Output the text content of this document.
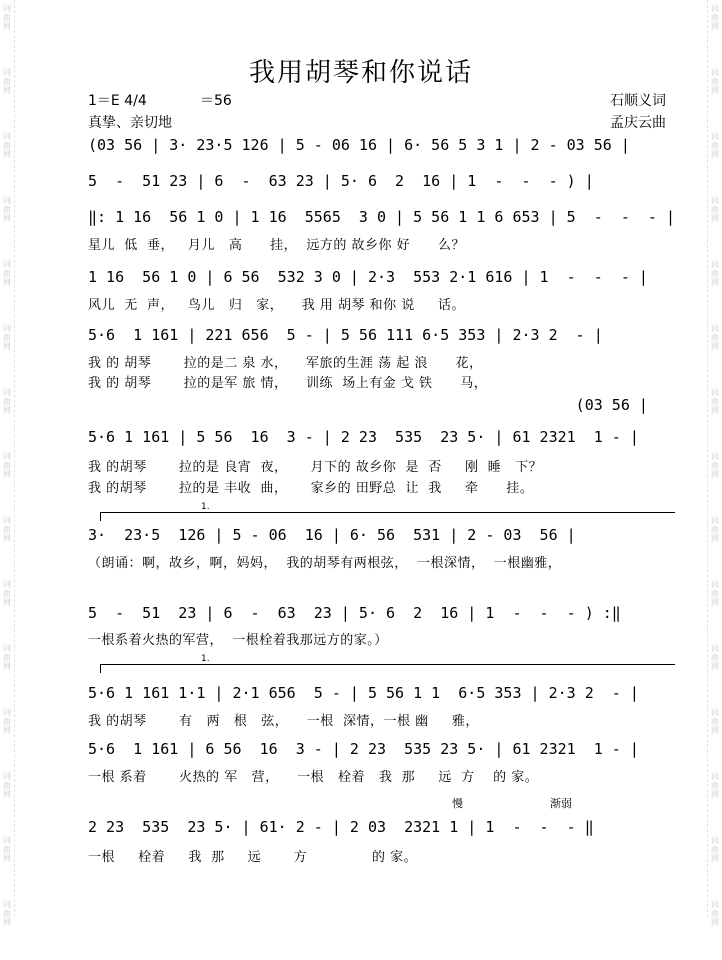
词曲网
词曲网
词曲网
词曲网
词曲网
词曲网
词曲网
词曲网
词曲网
词曲网
词曲网
词曲网
词曲网
词曲网
词曲网
词曲网
词曲网
词曲网
词曲网
词曲网
词曲网
词曲网
词曲网
词曲网
词曲网
词曲网
词曲网
词曲网
词曲网
词曲网
我用胡琴和你说话
1＝E 4/4	＝56
真挚、亲切地
石顺义词
孟庆云曲
1.
1.
慢	渐弱
(03 56 | 3· 23·5 126 | 5 - 06 16 | 6· 56 5 3 1 | 2 - 03 56 |
5  -  51 23 | 6  -  63 23 | 5· 6  2  16 | 1  -  -  - ) |
‖: 1 16  56 1 0 | 1 16  5565  3 0 | 5 56 1 1 6 653 | 5  -  -  - |
星儿  低  垂，   月儿   高      挂，  远方的 故乡你 好      么？
1 16  56 1 0 | 6 56  532 3 0 | 2·3  553 2·1 616 | 1  -  -  - |
风儿  无  声，   鸟儿   归   家，    我 用 胡琴 和你 说     话。
5·6  1 161 | 221 656  5 - | 5 56 111 6·5 353 | 2·3 2  - |
我 的 胡琴       拉的是二 泉 水，    军旅的生涯 荡 起 浪      花，
我 的 胡琴       拉的是军 旅 情，    训练  场上有金 戈 铁      马，
(03 56 |
5·6 1 161 | 5 56  16  3 - | 2 23  535  23 5· | 61 2321  1 - |
我 的胡琴       拉的是 良宵  夜，     月下的 故乡你  是  否     刚  睡   下？
我 的胡琴       拉的是 丰收  曲，     家乡的 田野总  让  我     牵      挂。
3·  23·5  126 | 5 - 06  16 | 6· 56  531 | 2 - 03  56 |
（朗诵：啊，故乡，啊，妈妈，  我的胡琴有两根弦，  一根深情，  一根幽雅，
5  -  51  23 | 6  -  63  23 | 5· 6  2  16 | 1  -  -  - ) :‖
一根系着火热的军营，  一根栓着我那远方的家。）
5·6 1 161 1·1 | 2·1 656  5 - | 5 56 1 1  6·5 353 | 2·3 2  - |
我 的胡琴       有   两   根   弦，    一根  深情，一根 幽     雅，
5·6  1 161 | 6 56  16  3 - | 2 23  535 23 5· | 61 2321  1 - |
一根 系着       火热的 军   营，    一根   栓着   我  那     远  方    的 家。
2 23  535  23 5· | 61· 2 - | 2 03  2321 1 | 1  -  -  - ‖
一根     栓着     我  那     远       方              的 家。
